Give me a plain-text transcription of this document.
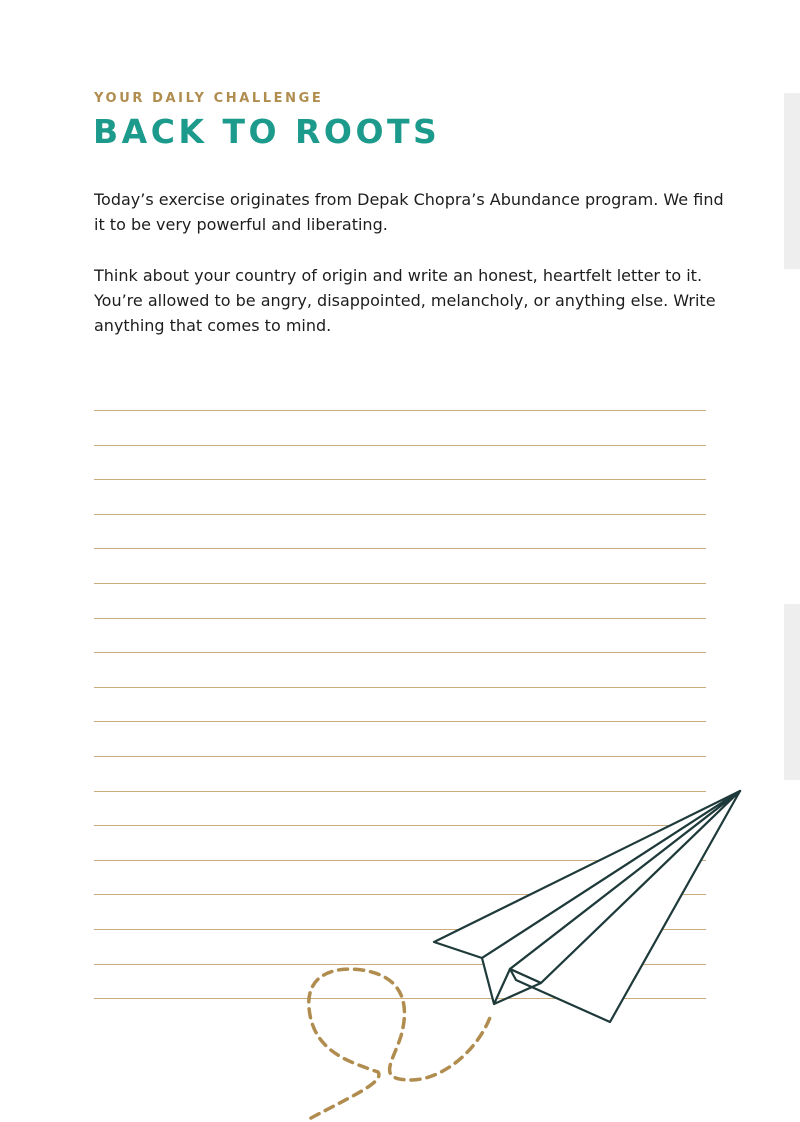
YOUR DAILY CHALLENGE
BACK TO ROOTS

Today’s exercise originates from Depak Chopra’s Abundance program. We find it to be very powerful and liberating.

Think about your country of origin and write an honest, heartfelt letter to it. You’re allowed to be angry, disappointed, melancholy, or anything else. Write anything that comes to mind.
